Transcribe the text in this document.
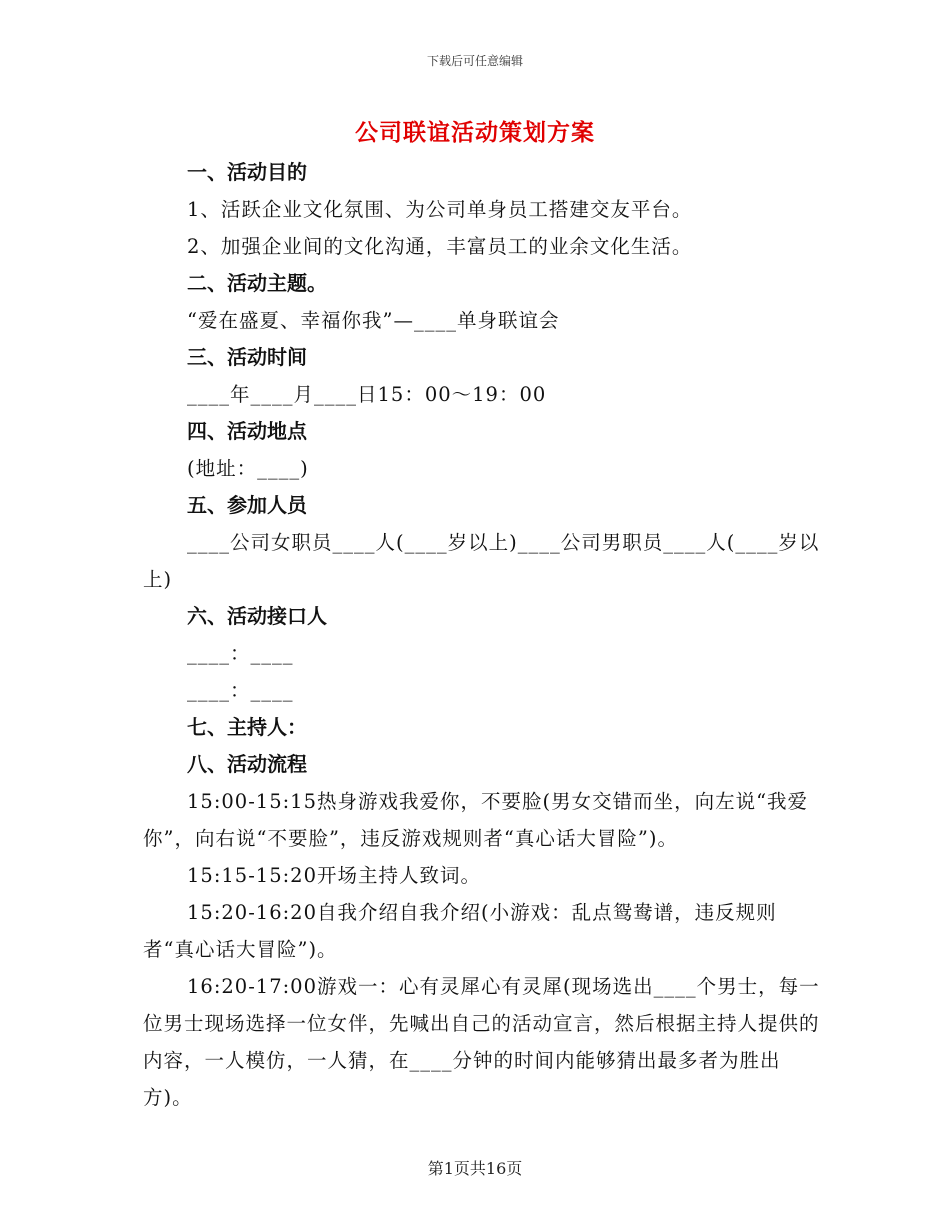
下载后可任意编辑
公司联谊活动策划方案
一、活动目的
1、活跃企业文化氛围、为公司单身员工搭建交友平台。
2、加强企业间的文化沟通，丰富员工的业余文化生活。
二、活动主题。
“爱在盛夏、幸福你我”—____单身联谊会
三、活动时间
____年____月____日15：00～19：00
四、活动地点
(地址：____)
五、参加人员
____公司女职员____人(____岁以上)____公司男职员____人(____岁以上)
六、活动接口人
____：____
____：____
七、主持人：
八、活动流程
15:00-15:15热身游戏我爱你，不要脸(男女交错而坐，向左说“我爱你”，向右说“不要脸”，违反游戏规则者“真心话大冒险”)。
15:15-15:20开场主持人致词。
15:20-16:20自我介绍自我介绍(小游戏：乱点鸳鸯谱，违反规则者“真心话大冒险”)。
16:20-17:00游戏一：心有灵犀心有灵犀(现场选出____个男士，每一位男士现场选择一位女伴，先喊出自己的活动宣言，然后根据主持人提供的内容，一人模仿，一人猜，在____分钟的时间内能够猜出最多者为胜出方)。
第1页共16页
